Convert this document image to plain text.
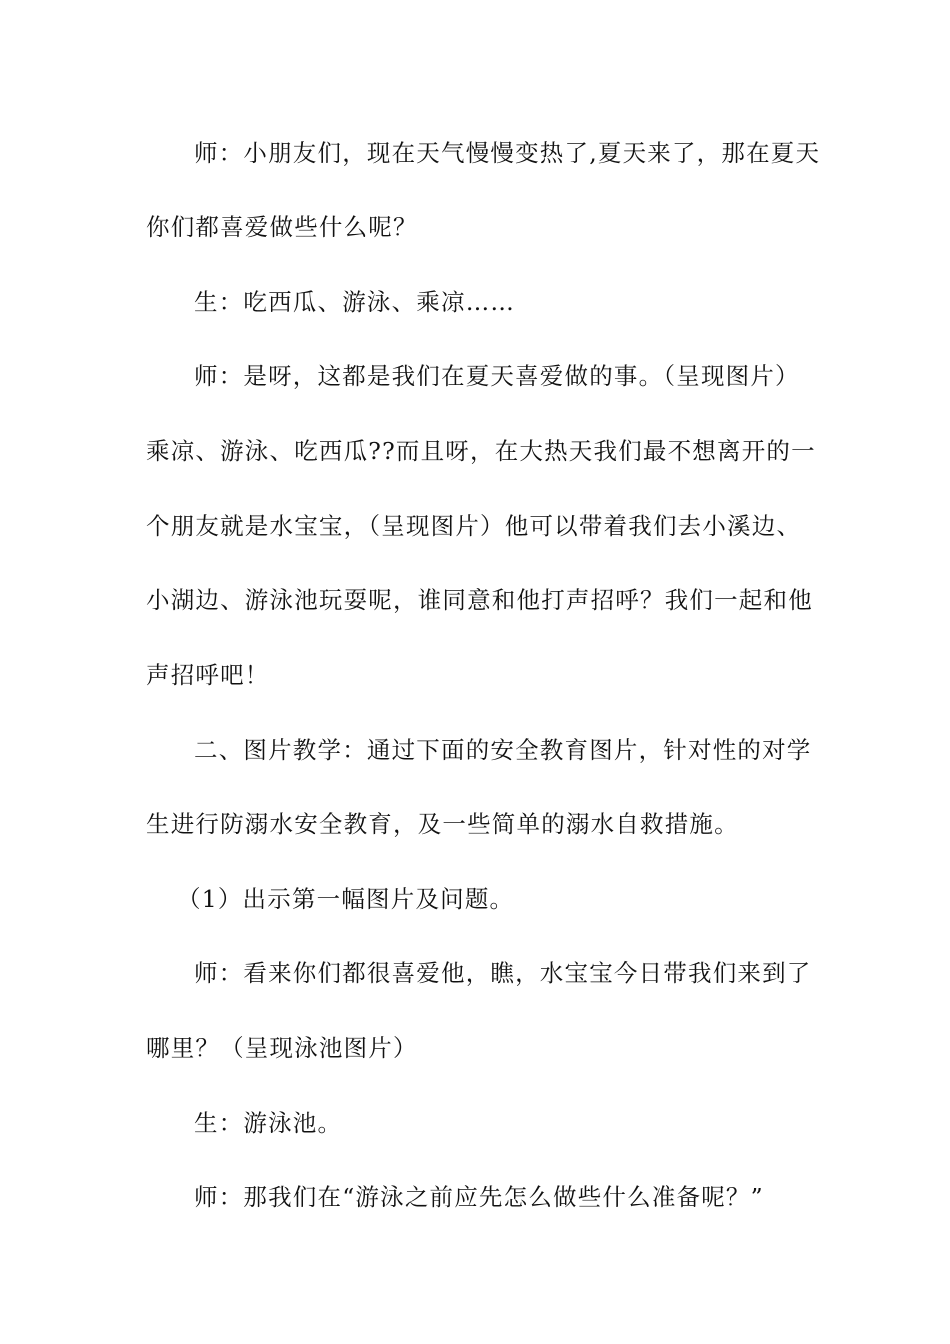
师：小朋友们，现在天气慢慢变热了,夏天来了，那在夏天
你们都喜爱做些什么呢？
生：吃西瓜、游泳、乘凉……
师：是呀，这都是我们在夏天喜爱做的事。（呈现图片）
乘凉、游泳、吃西瓜??而且呀，在大热天我们最不想离开的一
个朋友就是水宝宝，（呈现图片）他可以带着我们去小溪边、
小湖边、游泳池玩耍呢，谁同意和他打声招呼？我们一起和他
声招呼吧！
二、图片教学：通过下面的安全教育图片，针对性的对学
生进行防溺水安全教育，及一些简单的溺水自救措施。
（1）出示第一幅图片及问题。
师：看来你们都很喜爱他，瞧，水宝宝今日带我们来到了
哪里？（呈现泳池图片）
生：游泳池。
师：那我们在“游泳之前应先怎么做些什么准备呢？”
